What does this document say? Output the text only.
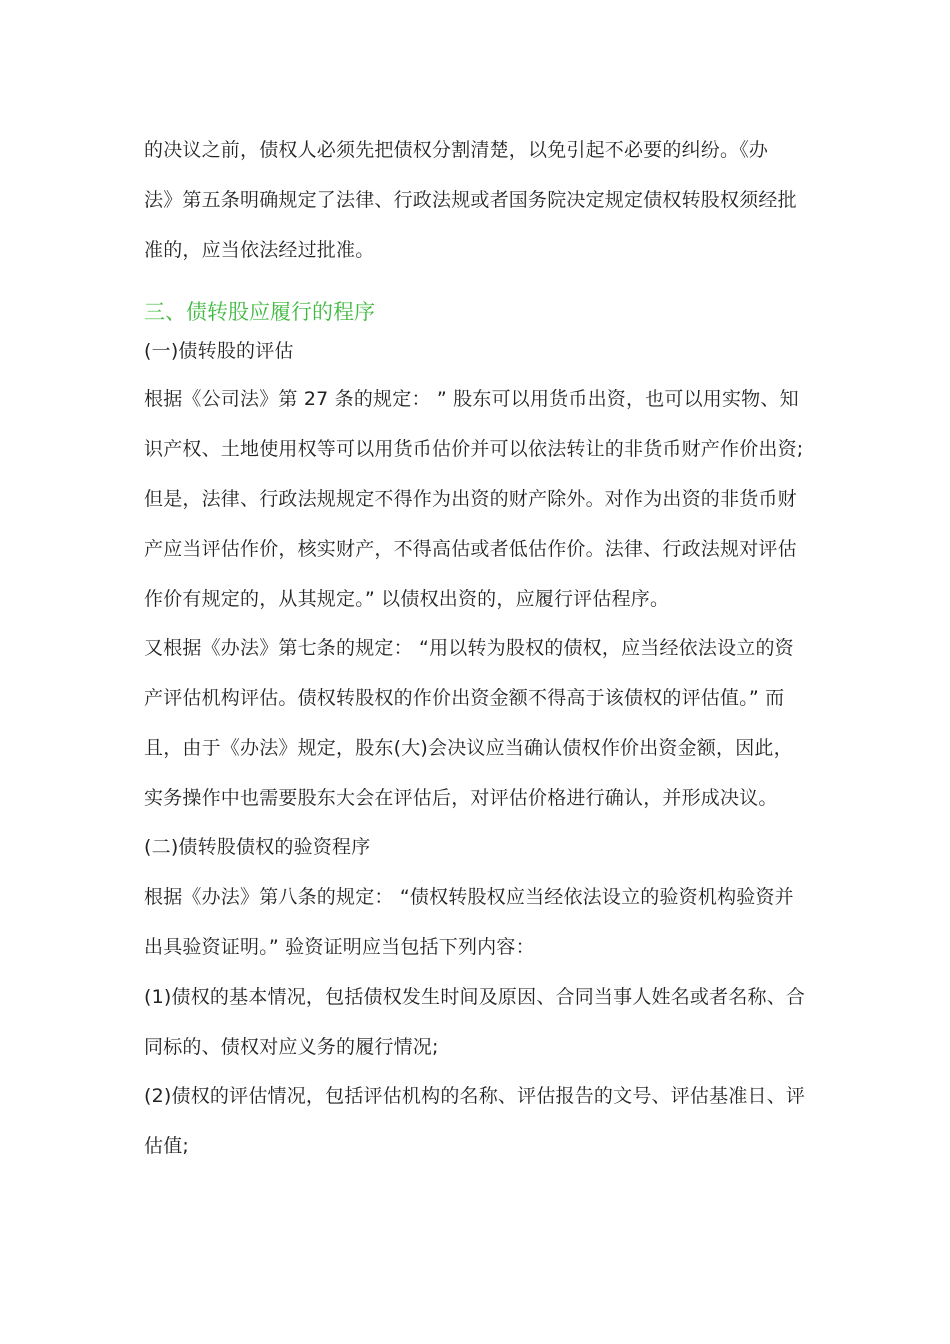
的决议之前，债权人必须先把债权分割清楚，以免引起不必要的纠纷。《办
法》第五条明确规定了法律、行政法规或者国务院决定规定债权转股权须经批
准的，应当依法经过批准。
三、债转股应履行的程序
(一)债转股的评估
根据《公司法》第 27 条的规定： ” 股东可以用货币出资，也可以用实物、知
识产权、土地使用权等可以用货币估价并可以依法转让的非货币财产作价出资;
但是，法律、行政法规规定不得作为出资的财产除外。对作为出资的非货币财
产应当评估作价，核实财产，不得高估或者低估作价。法律、行政法规对评估
作价有规定的，从其规定。” 以债权出资的，应履行评估程序。
又根据《办法》第七条的规定： “用以转为股权的债权，应当经依法设立的资
产评估机构评估。债权转股权的作价出资金额不得高于该债权的评估值。” 而
且，由于《办法》规定，股东(大)会决议应当确认债权作价出资金额，因此，
实务操作中也需要股东大会在评估后，对评估价格进行确认，并形成决议。
(二)债转股债权的验资程序
根据《办法》第八条的规定： “债权转股权应当经依法设立的验资机构验资并
出具验资证明。” 验资证明应当包括下列内容：
(1)债权的基本情况，包括债权发生时间及原因、合同当事人姓名或者名称、合
同标的、债权对应义务的履行情况;
(2)债权的评估情况，包括评估机构的名称、评估报告的文号、评估基准日、评
估值;
